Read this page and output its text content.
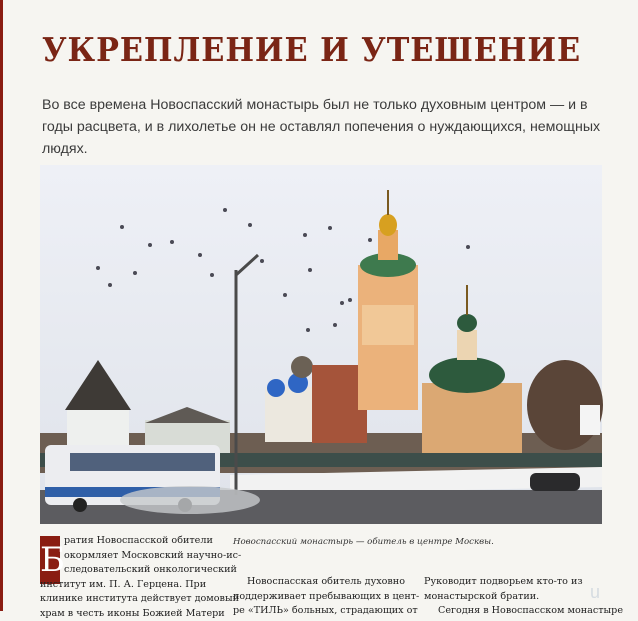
УКРЕПЛЕНИЕ И УТЕШЕНИЕ
Во все времена Новоспасский монастырь был не только духовным центром — и в годы расцвета, и в лихолетье он не оставлял попечения о нуждающихся, немощных людях.
Б ратия Новоспасской обители
окормляет Московский научно-ис-
следовательский онкологический
институт им. П. А. Герцена. При
клинике института действует домовый
храм в честь иконы Божией Матери
Новоспасский монастырь — обитель в центре Москвы.
Новоспасская обитель духовно
поддерживает пребывающих в цент-
ре «ТИЛЬ» больных, страдающих от
Руководит подворьем кто-то из
монастырской братии.
Сегодня в Новоспасском монастыре
u
